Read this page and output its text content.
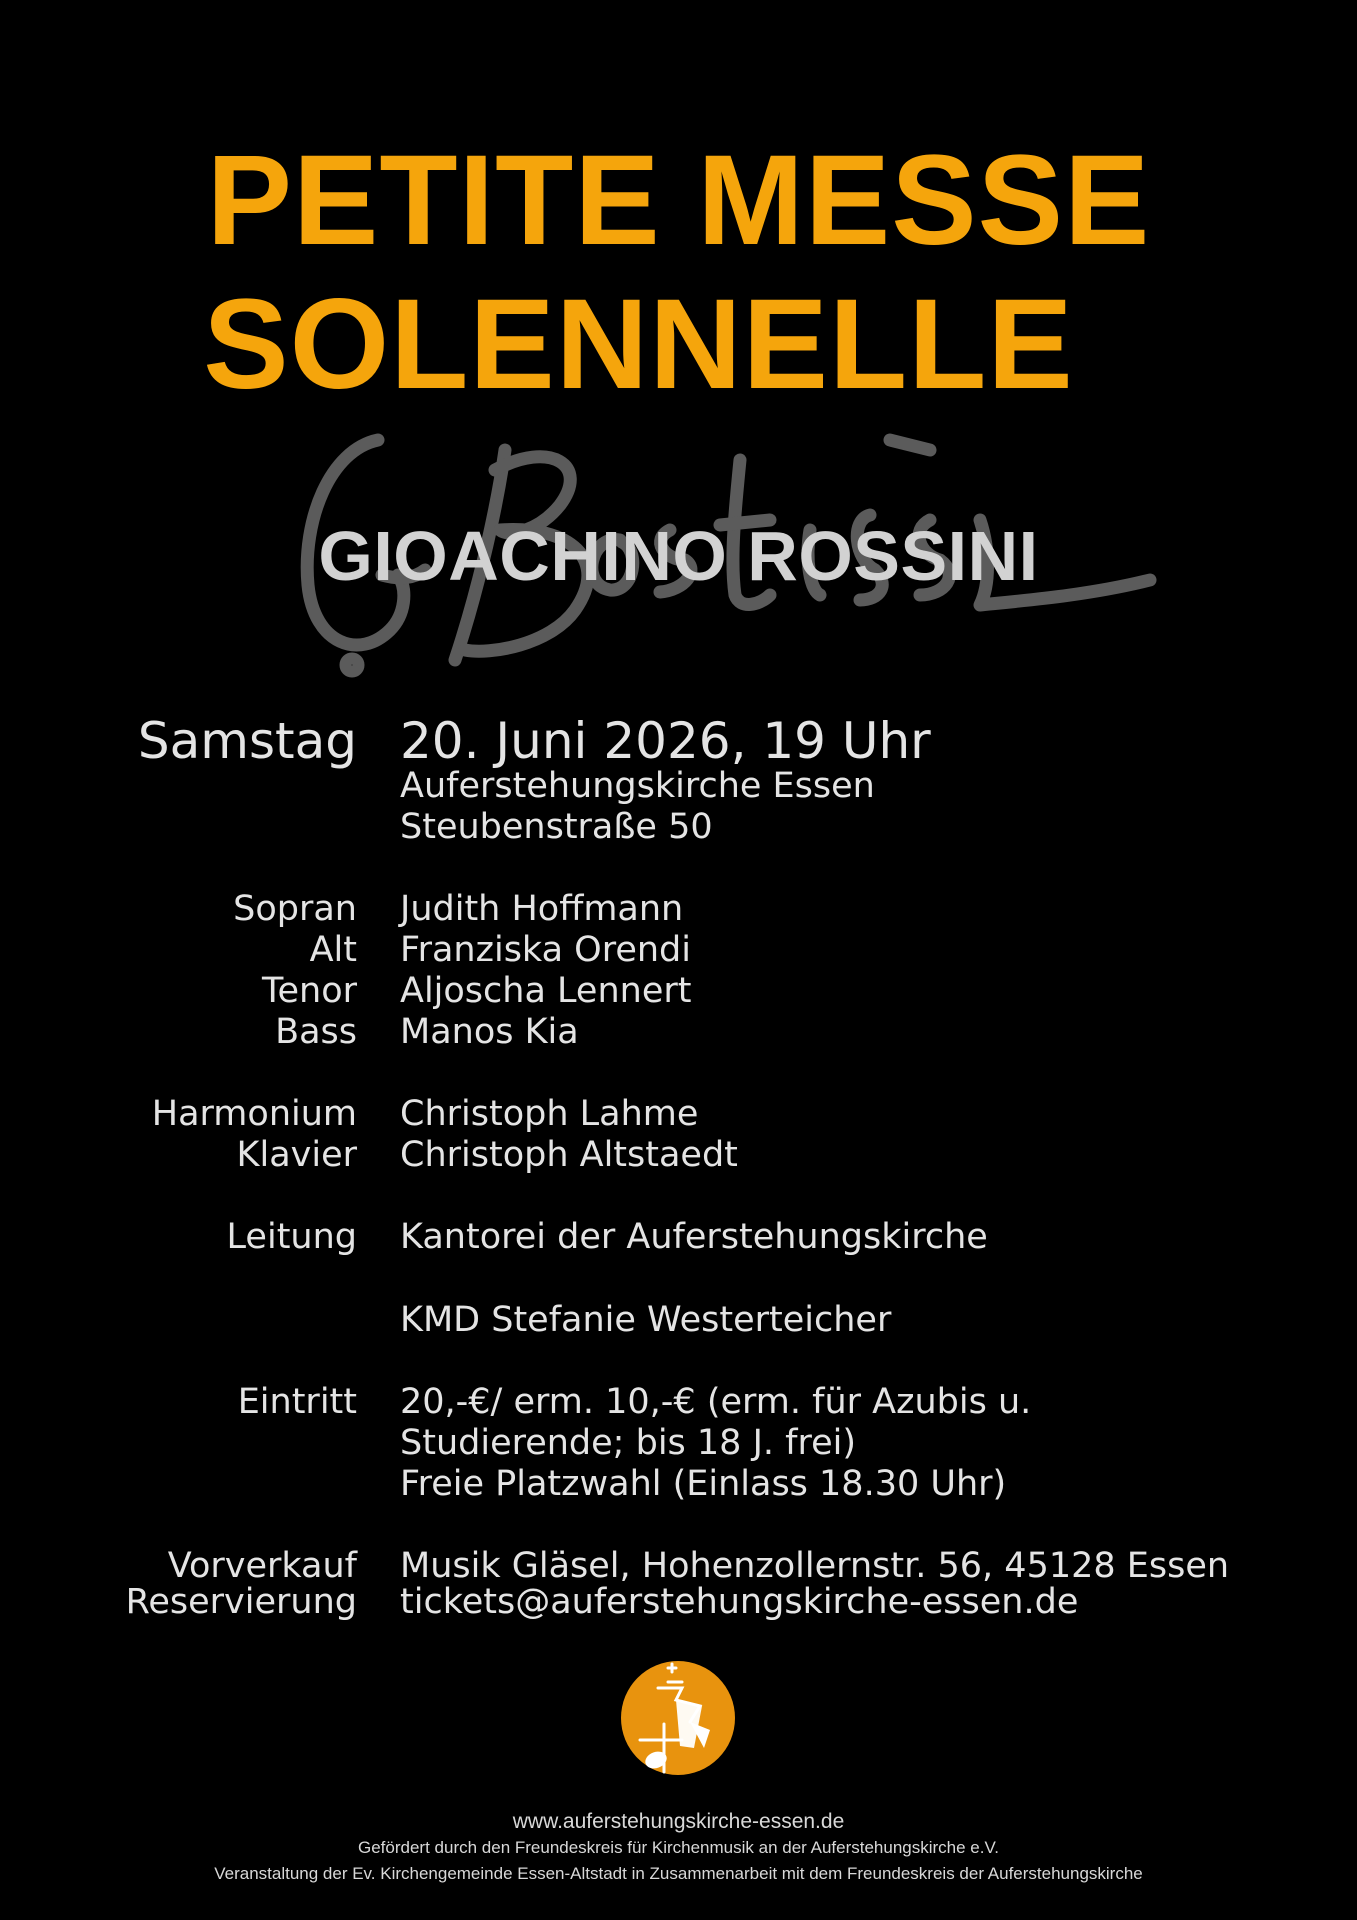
PETITE MESSE
SOLENNELLE
GIOACHINO ROSSINI
Samstag 20. Juni 2026, 19 Uhr
Auferstehungskirche Essen
Steubenstraße 50
Sopran Judith Hoffmann
Alt Franziska Orendi
Tenor Aljoscha Lennert
Bass Manos Kia
Harmonium Christoph Lahme
Klavier Christoph Altstaedt
Leitung Kantorei der Auferstehungskirche
KMD Stefanie Westerteicher
Eintritt 20,-€/ erm. 10,-€ (erm. für Azubis u.
Studierende; bis 18 J. frei)
Freie Platzwahl (Einlass 18.30 Uhr)
Vorverkauf Musik Gläsel, Hohenzollernstr. 56, 45128 Essen
Reservierung tickets@auferstehungskirche-essen.de
www.auferstehungskirche-essen.de
Gefördert durch den Freundeskreis für Kirchenmusik an der Auferstehungskirche e.V.
Veranstaltung der Ev. Kirchengemeinde Essen-Altstadt in Zusammenarbeit mit dem Freundeskreis der Auferstehungskirche
